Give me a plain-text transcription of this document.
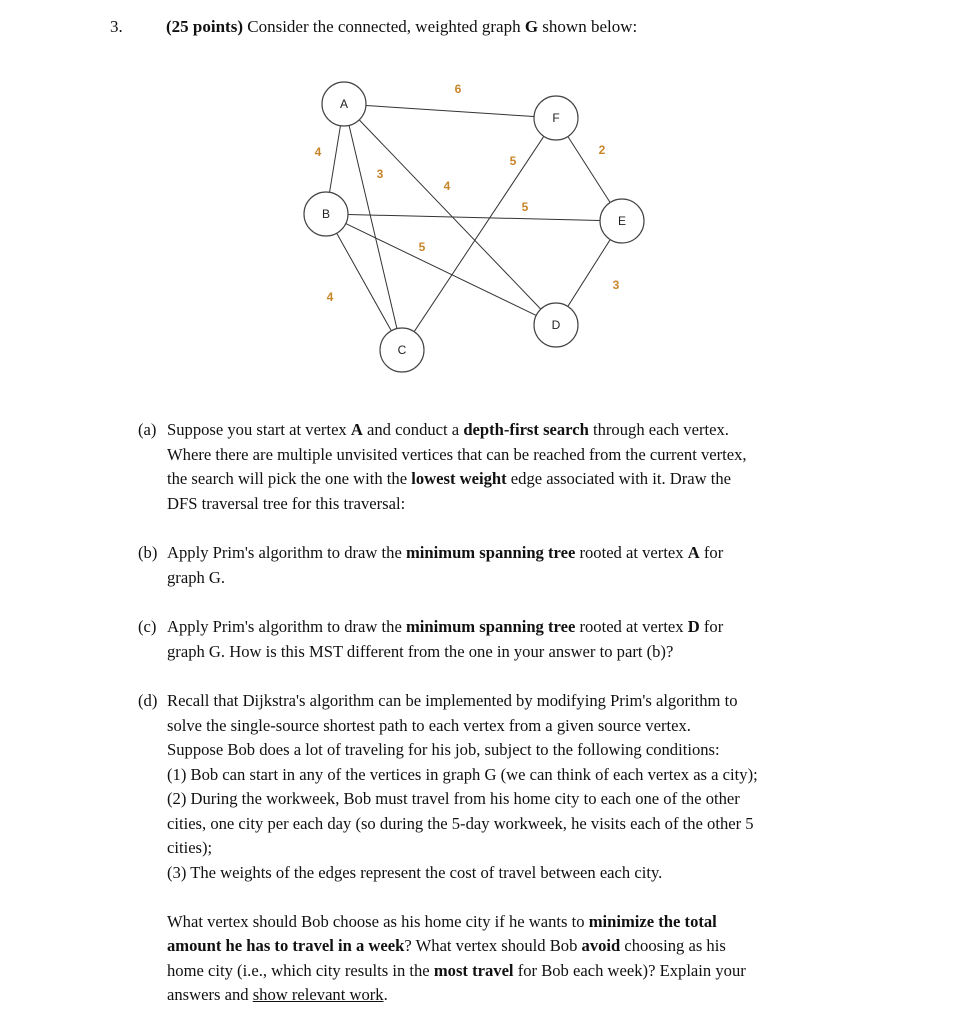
3.	(25 points) Consider the connected, weighted graph G shown below:
6
4
3
4
5
2
5
5
4
3
A
B
C
D
E
F
(a) Suppose you start at vertex A and conduct a depth-first search through each vertex.
Where there are multiple unvisited vertices that can be reached from the current vertex,
the search will pick the one with the lowest weight edge associated with it. Draw the
DFS traversal tree for this traversal:
(b) Apply Prim's algorithm to draw the minimum spanning tree rooted at vertex A for
graph G.
(c) Apply Prim's algorithm to draw the minimum spanning tree rooted at vertex D for
graph G. How is this MST different from the one in your answer to part (b)?
(d) Recall that Dijkstra's algorithm can be implemented by modifying Prim's algorithm to
solve the single-source shortest path to each vertex from a given source vertex.
Suppose Bob does a lot of traveling for his job, subject to the following conditions:
(1) Bob can start in any of the vertices in graph G (we can think of each vertex as a city);
(2) During the workweek, Bob must travel from his home city to each one of the other
cities, one city per each day (so during the 5-day workweek, he visits each of the other 5
cities);
(3) The weights of the edges represent the cost of travel between each city.
What vertex should Bob choose as his home city if he wants to minimize the total
amount he has to travel in a week? What vertex should Bob avoid choosing as his
home city (i.e., which city results in the most travel for Bob each week)? Explain your
answers and show relevant work.
